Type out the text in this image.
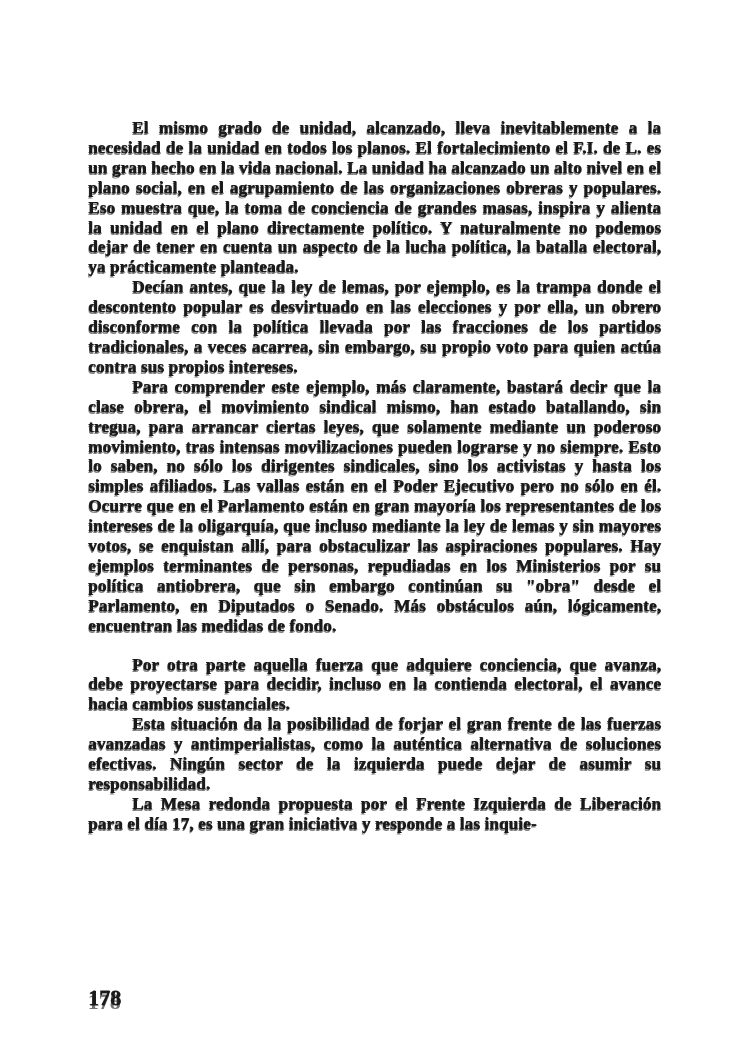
El mismo grado de unidad, alcanzado, lleva inevitablemente a la necesidad de la unidad en todos los planos. El fortalecimiento el F.I. de L. es un gran hecho en la vida nacional. La unidad ha alcanzado un alto nivel en el plano social, en el agrupamiento de las organizaciones obreras y populares. Eso muestra que, la toma de conciencia de grandes masas, inspira y alienta la unidad en el plano directamente político. Y naturalmente no podemos dejar de tener en cuenta un aspecto de la lucha política, la batalla electoral, ya prácticamente planteada.

Decían antes, que la ley de lemas, por ejemplo, es la trampa donde el descontento popular es desvirtuado en las elecciones y por ella, un obrero disconforme con la política llevada por las fracciones de los partidos tradicionales, a veces acarrea, sin embargo, su propio voto para quien actúa contra sus propios intereses.

Para comprender este ejemplo, más claramente, bastará decir que la clase obrera, el movimiento sindical mismo, han estado batallando, sin tregua, para arrancar ciertas leyes, que solamente mediante un poderoso movimiento, tras intensas movilizaciones pueden lograrse y no siempre. Esto lo saben, no sólo los dirigentes sindicales, sino los activistas y hasta los simples afiliados. Las vallas están en el Poder Ejecutivo pero no sólo en él. Ocurre que en el Parlamento están en gran mayoría los representantes de los intereses de la oligarquía, que incluso mediante la ley de lemas y sin mayores votos, se enquistan allí, para obstaculizar las aspiraciones populares. Hay ejemplos terminantes de personas, repudiadas en los Ministerios por su política antiobrera, que sin embargo continúan su "obra" desde el Parlamento, en Diputados o Senado. Más obstáculos aún, lógicamente, encuentran las medidas de fondo.

Por otra parte aquella fuerza que adquiere conciencia, que avanza, debe proyectarse para decidir, incluso en la contienda electoral, el avance hacia cambios sustanciales.

Esta situación da la posibilidad de forjar el gran frente de las fuerzas avanzadas y antimperialistas, como la auténtica alternativa de soluciones efectivas. Ningún sector de la izquierda puede dejar de asumir su responsabilidad.

La Mesa redonda propuesta por el Frente Izquierda de Liberación para el día 17, es una gran iniciativa y responde a las inquie-

178
